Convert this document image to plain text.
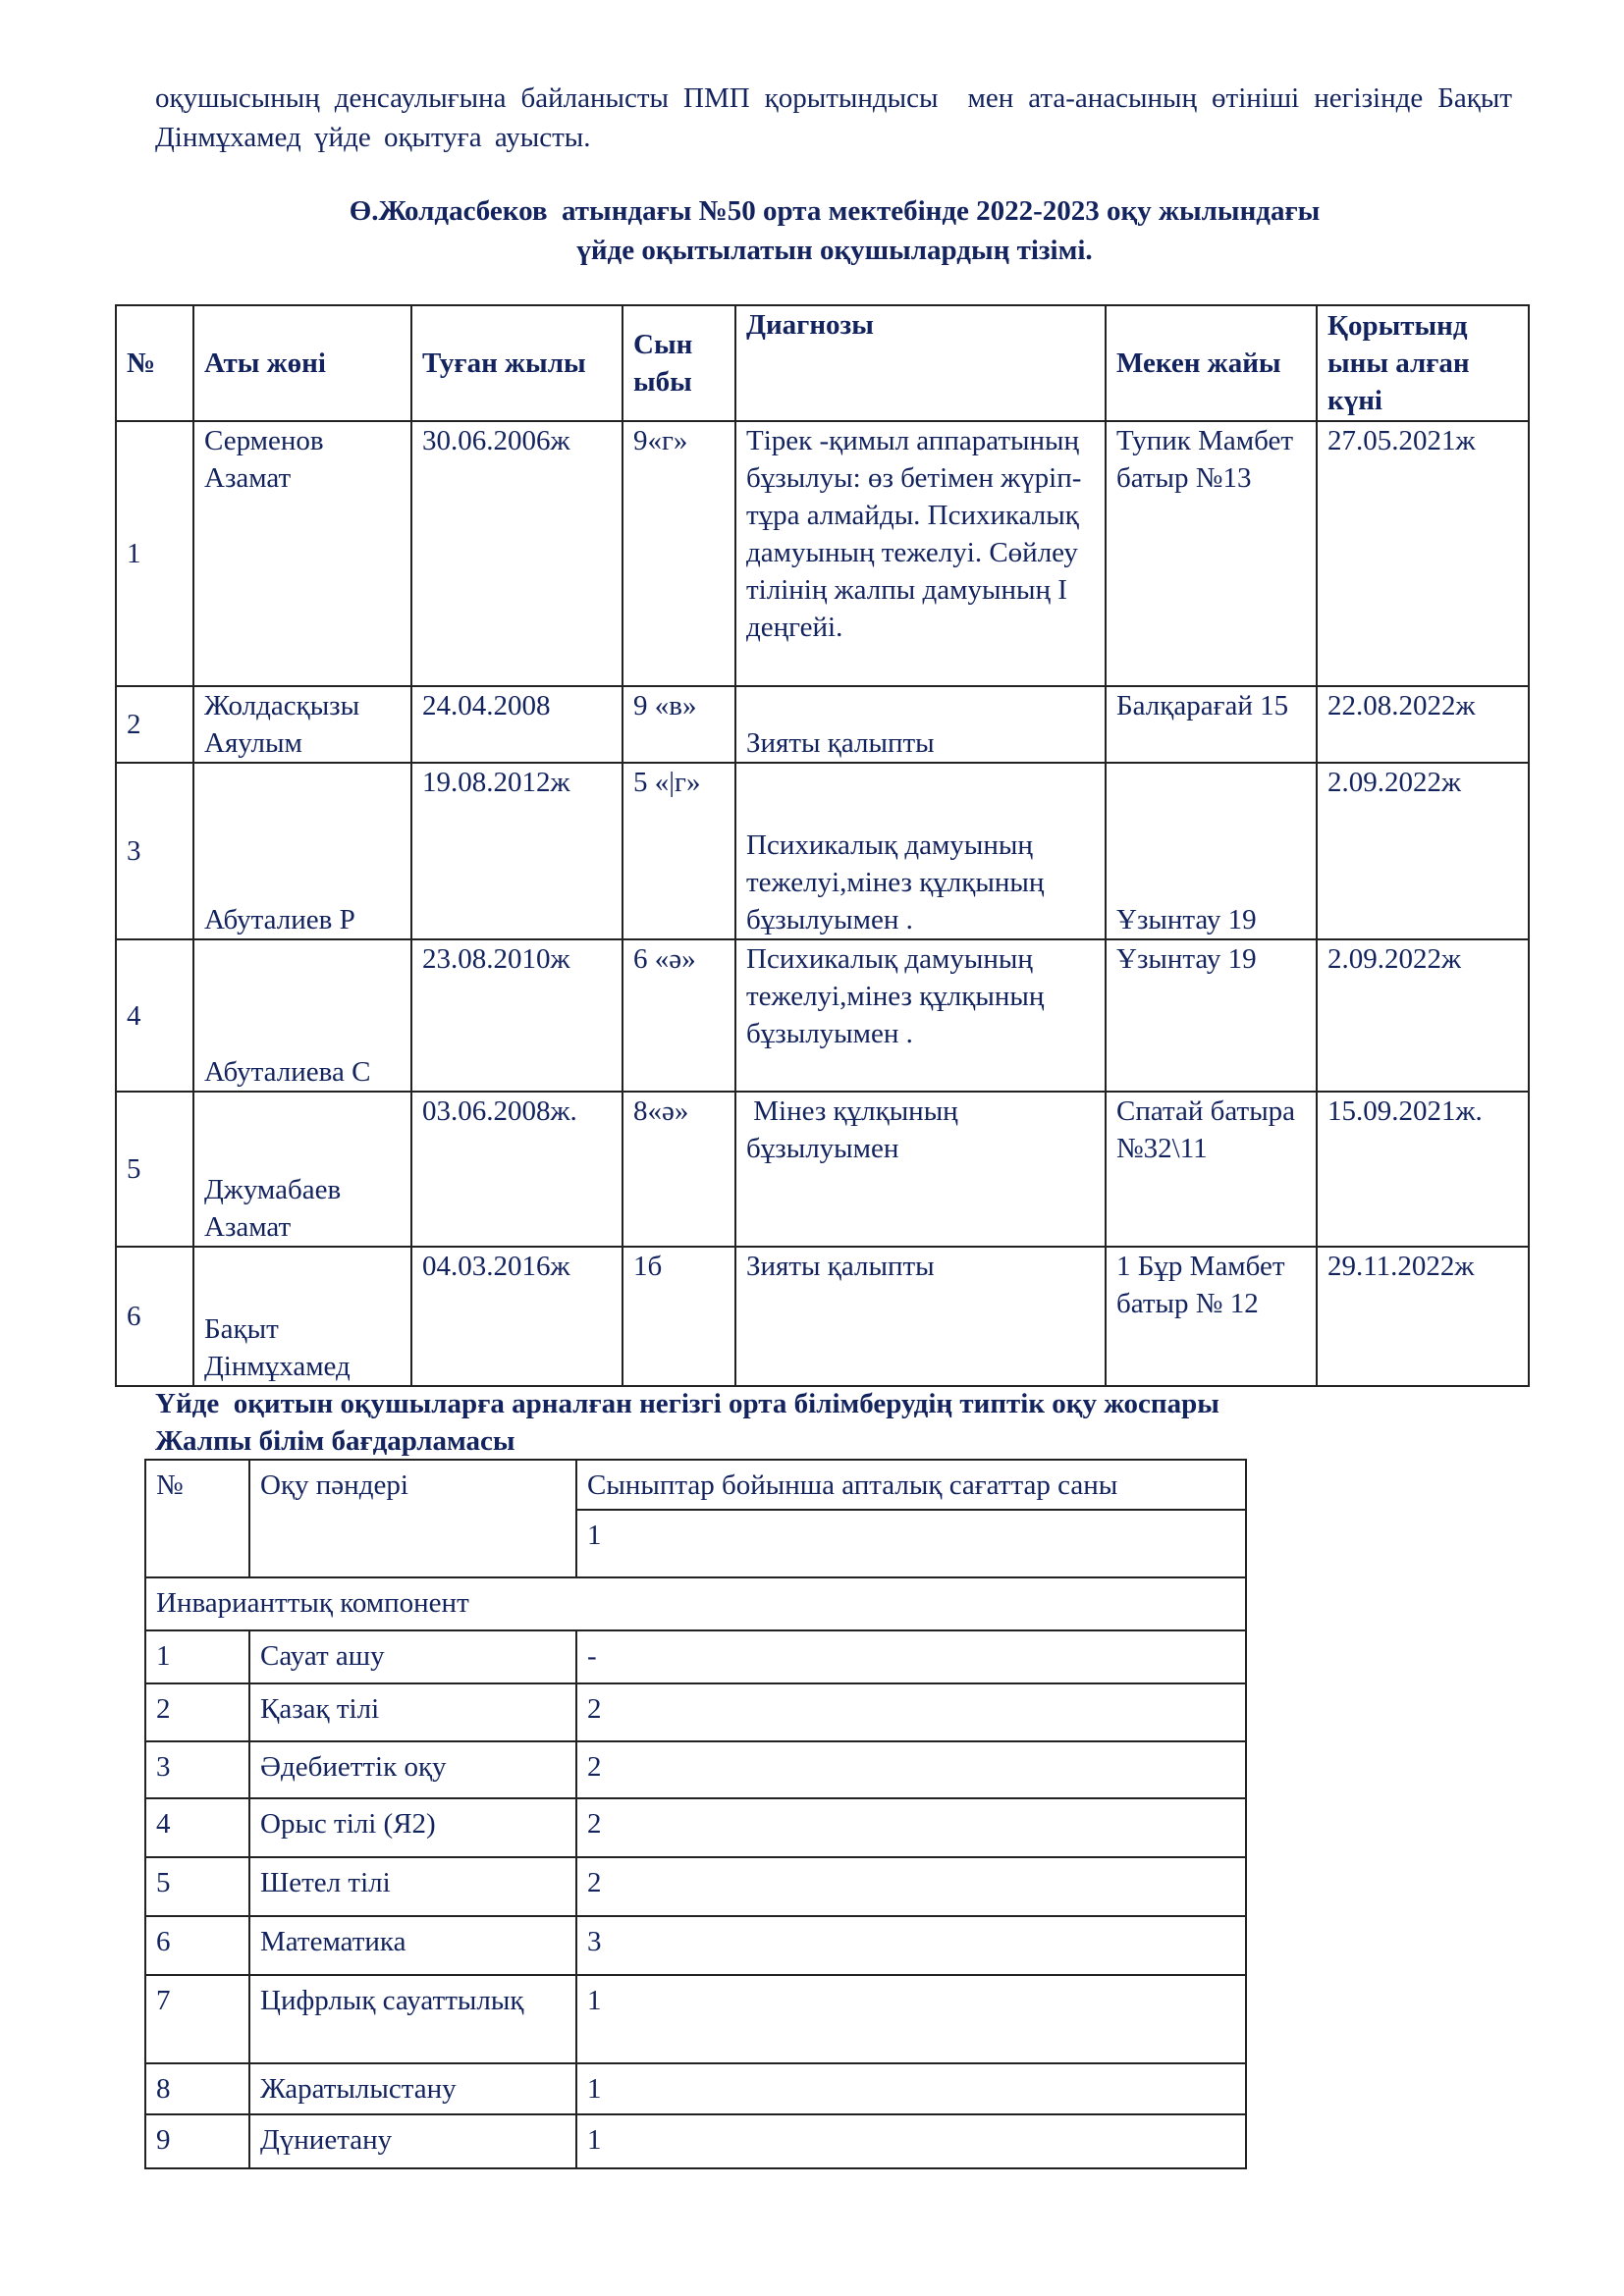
оқушысының денсаулығына байланысты ПМП қорытындысы  мен ата-анасының өтініші негізінде Бақыт Дінмұхамед үйде оқытуға ауысты.
Ө.Жолдасбеков  атындағы №50 орта мектебінде 2022-2023 оқу жылындағы
үйде оқытылатын оқушылардың тізімі.
№	Аты жөні	Туған жылы	Сын ыбы	Диагнозы	Мекен жайы	Қорытынд ыны алған күні
1	Серменов Азамат	30.06.2006ж	9«г»	Тірек -қимыл аппаратының бұзылуы: өз бетімен жүріп-тұра алмайды. Психикалық дамуының тежелуі. Сөйлеу тілінің жалпы дамуының І деңгейі.	Тупик Мамбет батыр №13	27.05.2021ж
2	Жолдасқызы Аяулым	24.04.2008	9 «в»	Зияты қалыпты	Балқарағай 15	22.08.2022ж
3	Абуталиев Р	19.08.2012ж	5 «|г»	Психикалық дамуының тежелуі,мінез құлқының бұзылуымен .	Ұзынтау 19	2.09.2022ж
4	Абуталиева С	23.08.2010ж	6 «ә»	Психикалық дамуының тежелуі,мінез құлқының бұзылуымен .	Ұзынтау 19	2.09.2022ж
5	Джумабаев Азамат	03.06.2008ж.	8«ә»	Мінез құлқының бұзылуымен	Спатай батыра №32\11	15.09.2021ж.
6	Бақыт Дінмұхамед	04.03.2016ж	1б	Зияты қалыпты	1 Бұр Мамбет батыр № 12	29.11.2022ж
Үйде  оқитын оқушыларға арналған негізгі орта білімберудің типтік оқу жоспары
Жалпы білім бағдарламасы
№	Оқу пәндері	Сыныптар бойынша апталық сағаттар саны
		1
Инварианттық компонент		
1	Сауат ашу	-
2	Қазақ тілі	2
3	Әдебиеттік оқу	2
4	Орыс тілі (Я2)	2
5	Шетел тілі	2
6	Математика	3
7	Цифрлық сауаттылық	1
8	Жаратылыстану	1
9	Дүниетану	1
